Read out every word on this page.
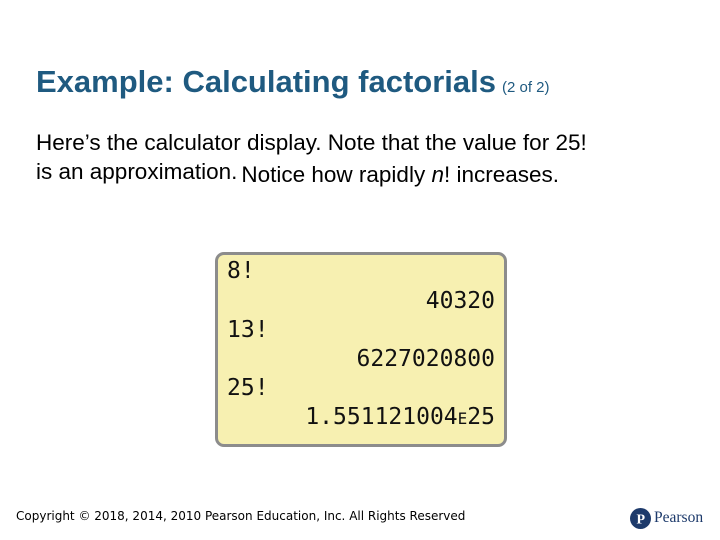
Example: Calculating factorials (2 of 2)
Here’s the calculator display. Note that the value for 25!
is an approximation. Notice how rapidly n! increases.
8!
40320
13!
6227020800
25!
1.551121004E25
Copyright © 2018, 2014, 2010 Pearson Education, Inc. All Rights Reserved	P Pearson
